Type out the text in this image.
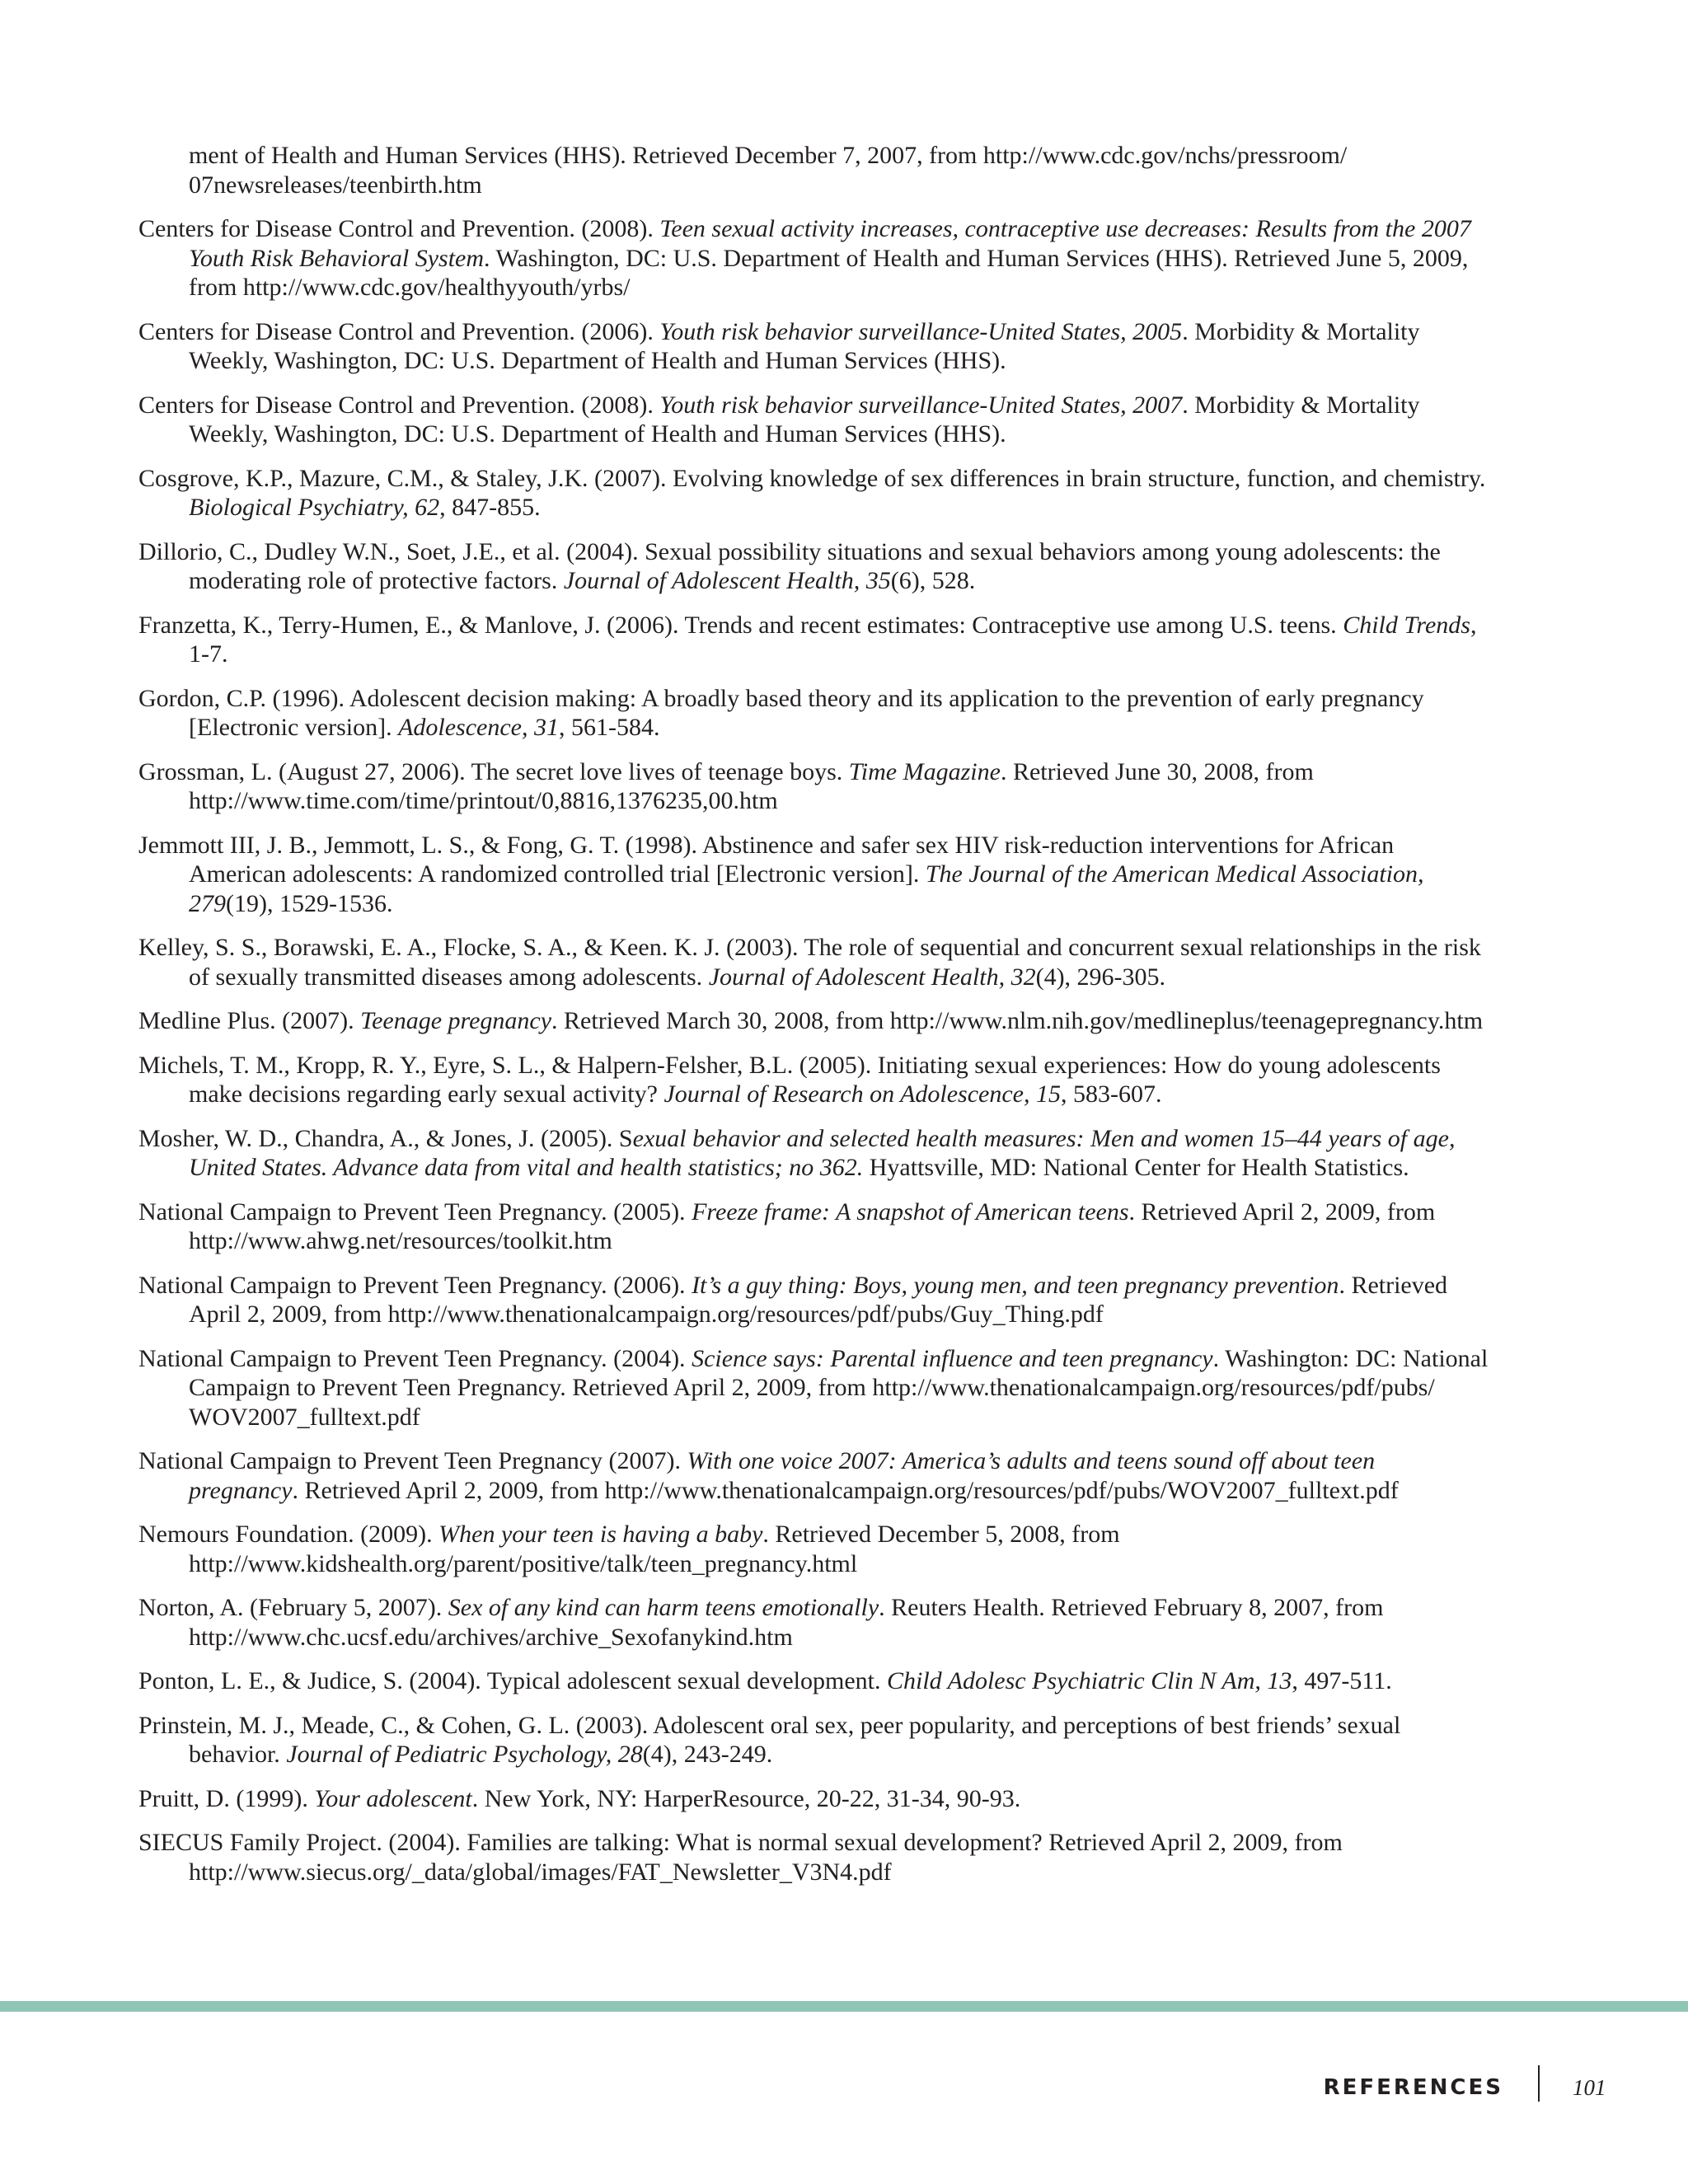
ment of Health and Human Services (HHS). Retrieved December 7, 2007, from http://www.cdc.gov/nchs/pressroom/ 07newsreleases/teenbirth.htm

Centers for Disease Control and Prevention. (2008). Teen sexual activity increases, contraceptive use decreases: Results from the 2007 Youth Risk Behavioral System. Washington, DC: U.S. Department of Health and Human Services (HHS). Retrieved June 5, 2009, from http://www.cdc.gov/healthyyouth/yrbs/

Centers for Disease Control and Prevention. (2006). Youth risk behavior surveillance-United States, 2005. Morbidity & Mortality Weekly, Washington, DC: U.S. Department of Health and Human Services (HHS).

Centers for Disease Control and Prevention. (2008). Youth risk behavior surveillance-United States, 2007. Morbidity & Mortality Weekly, Washington, DC: U.S. Department of Health and Human Services (HHS).

Cosgrove, K.P., Mazure, C.M., & Staley, J.K. (2007). Evolving knowledge of sex differences in brain structure, function, and chemistry. Biological Psychiatry, 62, 847-855.

Dillorio, C., Dudley W.N., Soet, J.E., et al. (2004). Sexual possibility situations and sexual behaviors among young adolescents: the moderating role of protective factors. Journal of Adolescent Health, 35(6), 528.

Franzetta, K., Terry-Humen, E., & Manlove, J. (2006). Trends and recent estimates: Contraceptive use among U.S. teens. Child Trends, 1-7.

Gordon, C.P. (1996). Adolescent decision making: A broadly based theory and its application to the prevention of early pregnancy [Electronic version]. Adolescence, 31, 561-584.

Grossman, L. (August 27, 2006). The secret love lives of teenage boys. Time Magazine. Retrieved June 30, 2008, from http://www.time.com/time/printout/0,8816,1376235,00.htm

Jemmott III, J. B., Jemmott, L. S., & Fong, G. T. (1998). Abstinence and safer sex HIV risk-reduction interventions for African American adolescents: A randomized controlled trial [Electronic version]. The Journal of the American Medical Association, 279(19), 1529-1536.

Kelley, S. S., Borawski, E. A., Flocke, S. A., & Keen. K. J. (2003). The role of sequential and concurrent sexual relationships in the risk of sexually transmitted diseases among adolescents. Journal of Adolescent Health, 32(4), 296-305.

Medline Plus. (2007). Teenage pregnancy. Retrieved March 30, 2008, from http://www.nlm.nih.gov/medlineplus/teenagepregnancy.htm

Michels, T. M., Kropp, R. Y., Eyre, S. L., & Halpern-Felsher, B.L. (2005). Initiating sexual experiences: How do young adolescents make decisions regarding early sexual activity? Journal of Research on Adolescence, 15, 583-607.

Mosher, W. D., Chandra, A., & Jones, J. (2005). Sexual behavior and selected health measures: Men and women 15–44 years of age, United States. Advance data from vital and health statistics; no 362. Hyattsville, MD: National Center for Health Statistics.

National Campaign to Prevent Teen Pregnancy. (2005). Freeze frame: A snapshot of American teens. Retrieved April 2, 2009, from http://www.ahwg.net/resources/toolkit.htm

National Campaign to Prevent Teen Pregnancy. (2006). It’s a guy thing: Boys, young men, and teen pregnancy prevention. Retrieved April 2, 2009, from http://www.thenationalcampaign.org/resources/pdf/pubs/Guy_Thing.pdf

National Campaign to Prevent Teen Pregnancy. (2004). Science says: Parental influence and teen pregnancy. Washington: DC: National Campaign to Prevent Teen Pregnancy. Retrieved April 2, 2009, from http://www.thenationalcampaign.org/resources/pdf/pubs/ WOV2007_fulltext.pdf

National Campaign to Prevent Teen Pregnancy (2007). With one voice 2007: America’s adults and teens sound off about teen pregnancy. Retrieved April 2, 2009, from http://www.thenationalcampaign.org/resources/pdf/pubs/WOV2007_fulltext.pdf

Nemours Foundation. (2009). When your teen is having a baby. Retrieved December 5, 2008, from http://www.kidshealth.org/parent/positive/talk/teen_pregnancy.html

Norton, A. (February 5, 2007). Sex of any kind can harm teens emotionally. Reuters Health. Retrieved February 8, 2007, from http://www.chc.ucsf.edu/archives/archive_Sexofanykind.htm

Ponton, L. E., & Judice, S. (2004). Typical adolescent sexual development. Child Adolesc Psychiatric Clin N Am, 13, 497-511.

Prinstein, M. J., Meade, C., & Cohen, G. L. (2003). Adolescent oral sex, peer popularity, and perceptions of best friends’ sexual behavior. Journal of Pediatric Psychology, 28(4), 243-249.

Pruitt, D. (1999). Your adolescent. New York, NY: HarperResource, 20-22, 31-34, 90-93.

SIECUS Family Project. (2004). Families are talking: What is normal sexual development? Retrieved April 2, 2009, from http://www.siecus.org/_data/global/images/FAT_Newsletter_V3N4.pdf

REFERENCES	101
